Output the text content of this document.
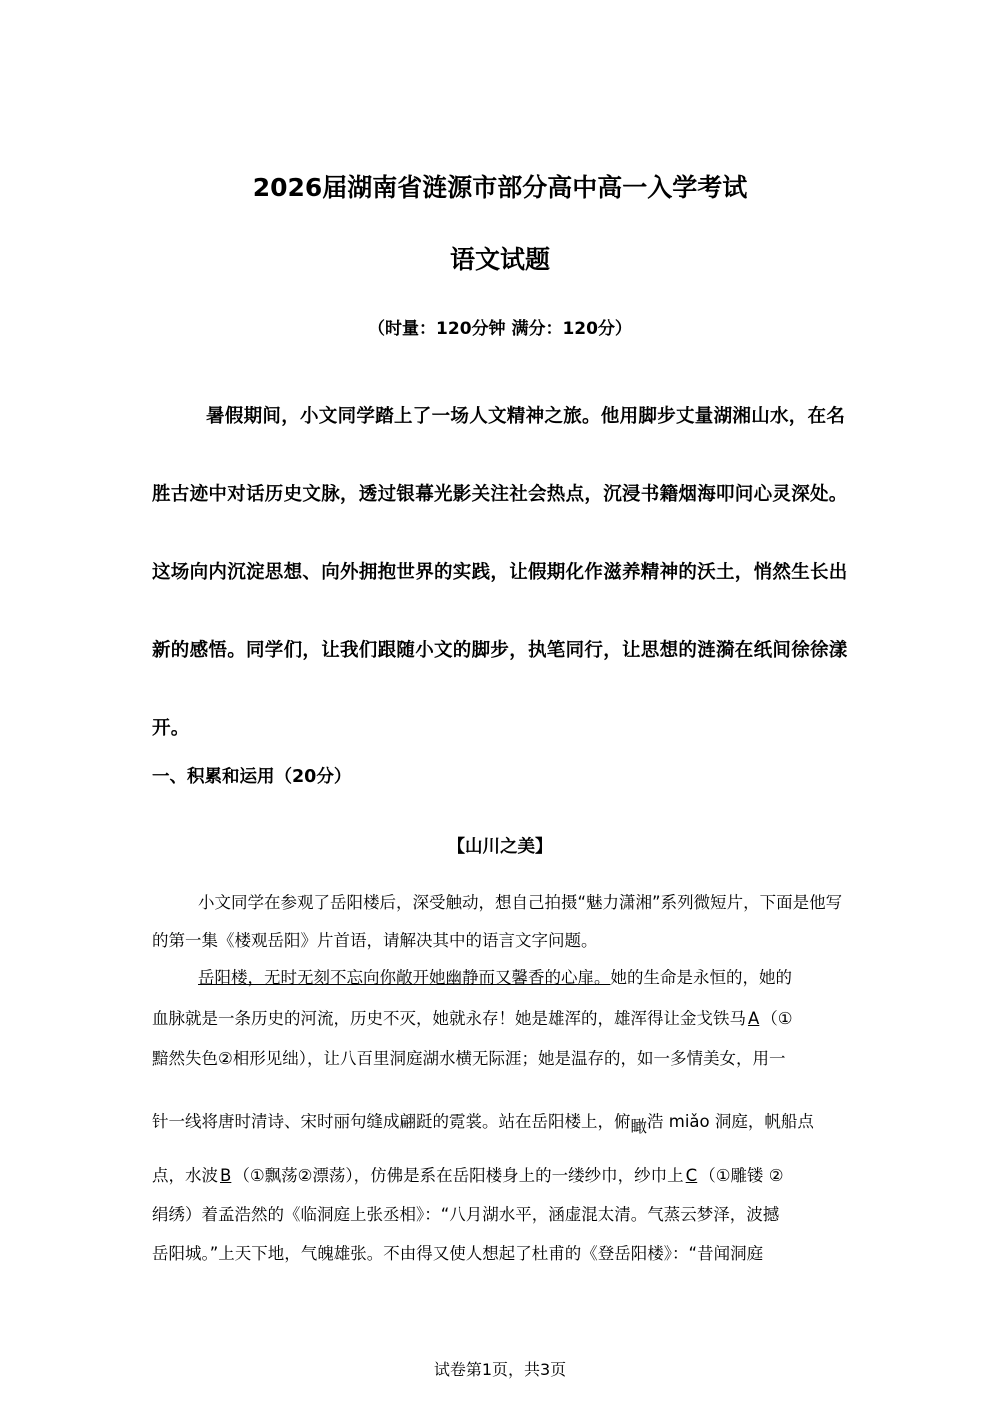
2026届湖南省涟源市部分高中高一入学考试
语文试题
（时量：120分钟 满分：120分）
暑假期间，小文同学踏上了一场人文精神之旅。他用脚步丈量湖湘山水，在名胜古迹中对话历史文脉，透过银幕光影关注社会热点，沉浸书籍烟海叩问心灵深处。这场向内沉淀思想、向外拥抱世界的实践，让假期化作滋养精神的沃土，悄然生长出新的感悟。同学们，让我们跟随小文的脚步，执笔同行，让思想的涟漪在纸间徐徐漾开。
一、积累和运用（20分）
【山川之美】
小文同学在参观了岳阳楼后，深受触动，想自己拍摄“魅力潇湘”系列微短片，下面是他写的第一集《楼观岳阳》片首语，请解决其中的语言文字问题。
岳阳楼，无时无刻不忘向你敞开她幽静而又馨香的心扉。她的生命是永恒的，她的
血脉就是一条历史的河流，历史不灭，她就永存！她是雄浑的，雄浑得让金戈铁马 A （①
黯然失色②相形见绌），让八百里洞庭湖水横无际涯；她是温存的，如一多情美女，用一
针一线将唐时清诗、宋时丽句缝成翩跹的霓裳。站在岳阳楼上，俯瞰浩 miǎo 洞庭，帆船点
点，水波 B （①飘荡②漂荡），仿佛是系在岳阳楼身上的一缕纱巾，纱巾上 C （①雕镂 ②
绢绣）着孟浩然的《临洞庭上张丞相》：“八月湖水平，涵虚混太清。气蒸云梦泽，波撼
岳阳城。”上天下地，气魄雄张。不由得又使人想起了杜甫的《登岳阳楼》：“昔闻洞庭
试卷第1页，共3页
